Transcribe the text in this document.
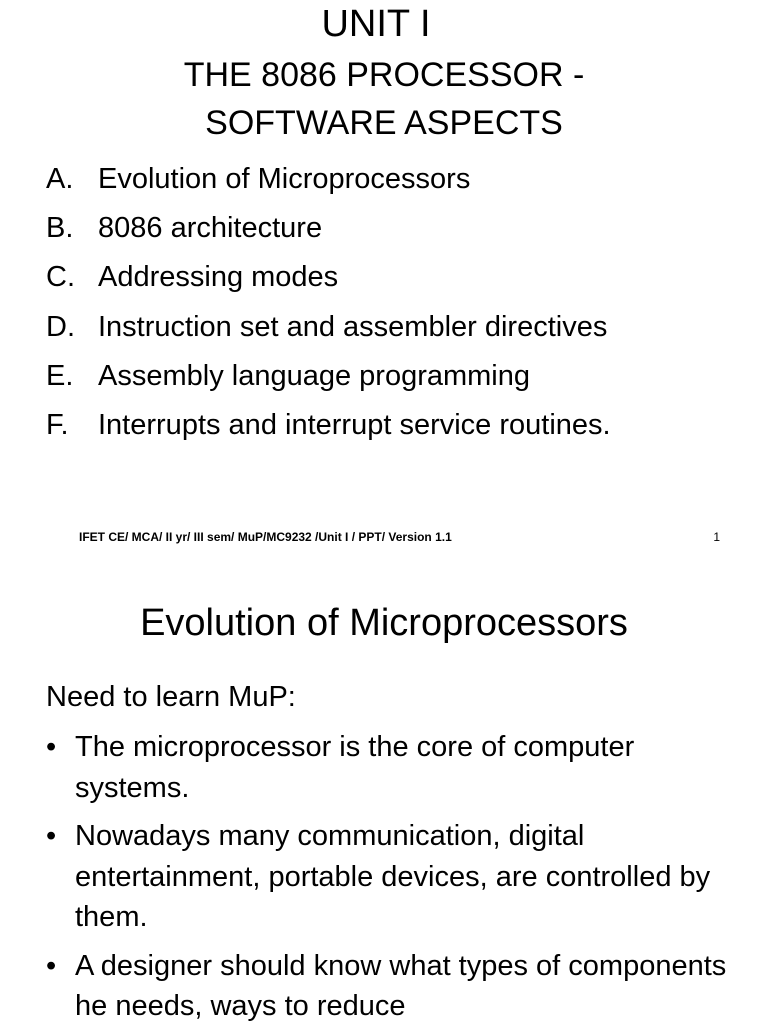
UNIT I
THE 8086 PROCESSOR -
SOFTWARE ASPECTS
A. Evolution of Microprocessors
B. 8086 architecture
C. Addressing modes
D. Instruction set and assembler directives
E. Assembly language programming
F.	Interrupts and interrupt service routines.
IFET CE/ MCA/ II yr/ III sem/ MuP/MC9232 /Unit I / PPT/ Version 1.1	1
Evolution of Microprocessors
Need to learn MuP:
• The microprocessor is the core of computer systems.
• Nowadays many communication, digital entertainment, portable devices, are controlled by them.
• A designer should know what types of components he needs, ways to reduce
